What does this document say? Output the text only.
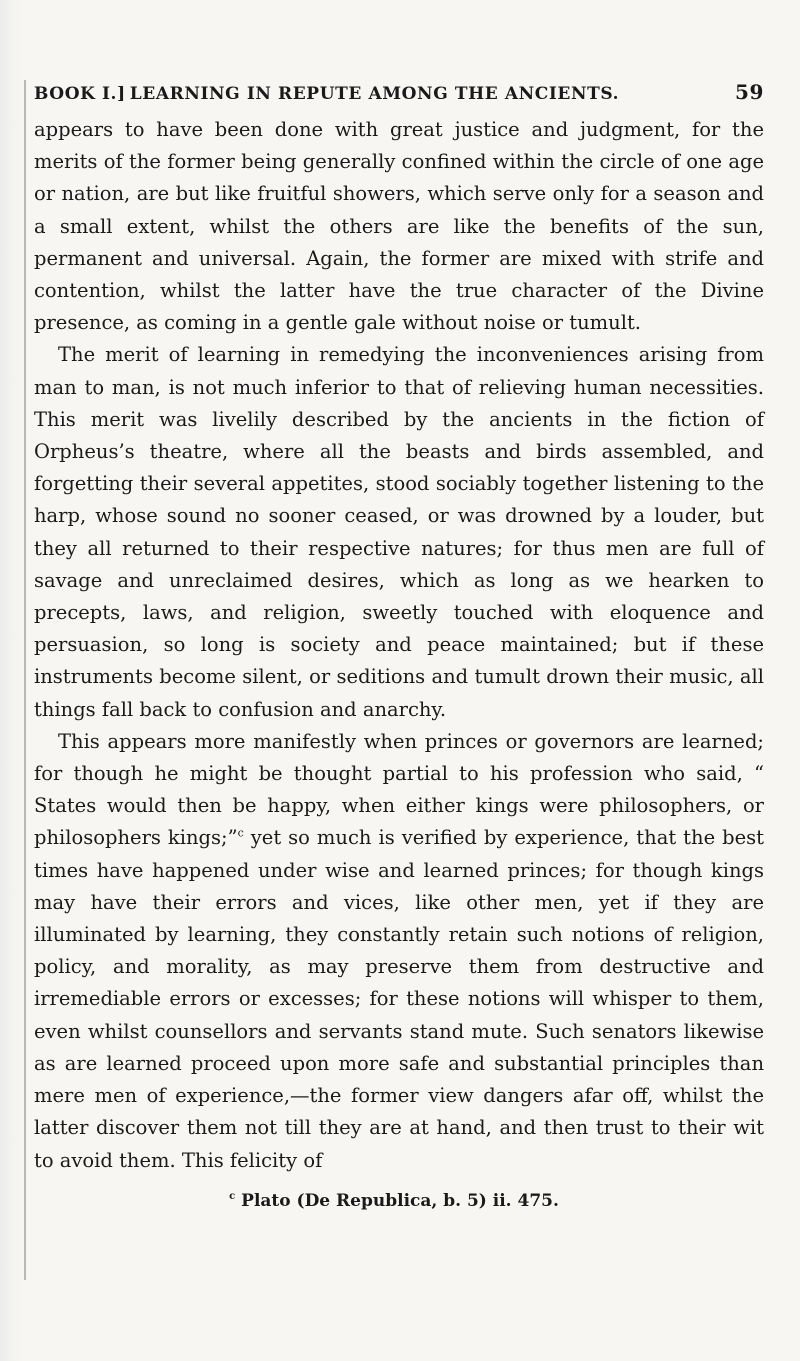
BOOK I.] LEARNING IN REPUTE AMONG THE ANCIENTS.	59

appears to have been done with great justice and judgment, for the merits of the former being generally confined within the circle of one age or nation, are but like fruitful showers, which serve only for a season and a small extent, whilst the others are like the benefits of the sun, permanent and universal. Again, the former are mixed with strife and contention, whilst the latter have the true character of the Divine presence, as coming in a gentle gale without noise or tumult.

The merit of learning in remedying the inconveniences arising from man to man, is not much inferior to that of relieving human necessities. This merit was livelily described by the ancients in the fiction of Orpheus’s theatre, where all the beasts and birds assembled, and forgetting their several appetites, stood sociably together listening to the harp, whose sound no sooner ceased, or was drowned by a louder, but they all returned to their respective natures; for thus men are full of savage and unreclaimed desires, which as long as we hearken to precepts, laws, and religion, sweetly touched with eloquence and persuasion, so long is society and peace maintained; but if these instruments become silent, or seditions and tumult drown their music, all things fall back to confusion and anarchy.

This appears more manifestly when princes or governors are learned; for though he might be thought partial to his profession who said, “ States would then be happy, when either kings were philosophers, or philosophers kings;”$^c$ yet so much is verified by experience, that the best times have happened under wise and learned princes; for though kings may have their errors and vices, like other men, yet if they are illuminated by learning, they constantly retain such notions of religion, policy, and morality, as may preserve them from destructive and irremediable errors or excesses; for these notions will whisper to them, even whilst counsellors and servants stand mute. Such senators likewise as are learned proceed upon more safe and substantial principles than mere men of experience,—the former view dangers afar off, whilst the latter discover them not till they are at hand, and then trust to their wit to avoid them. This felicity of

$^c$ Plato (De Republica, b. 5) ii. 475.
